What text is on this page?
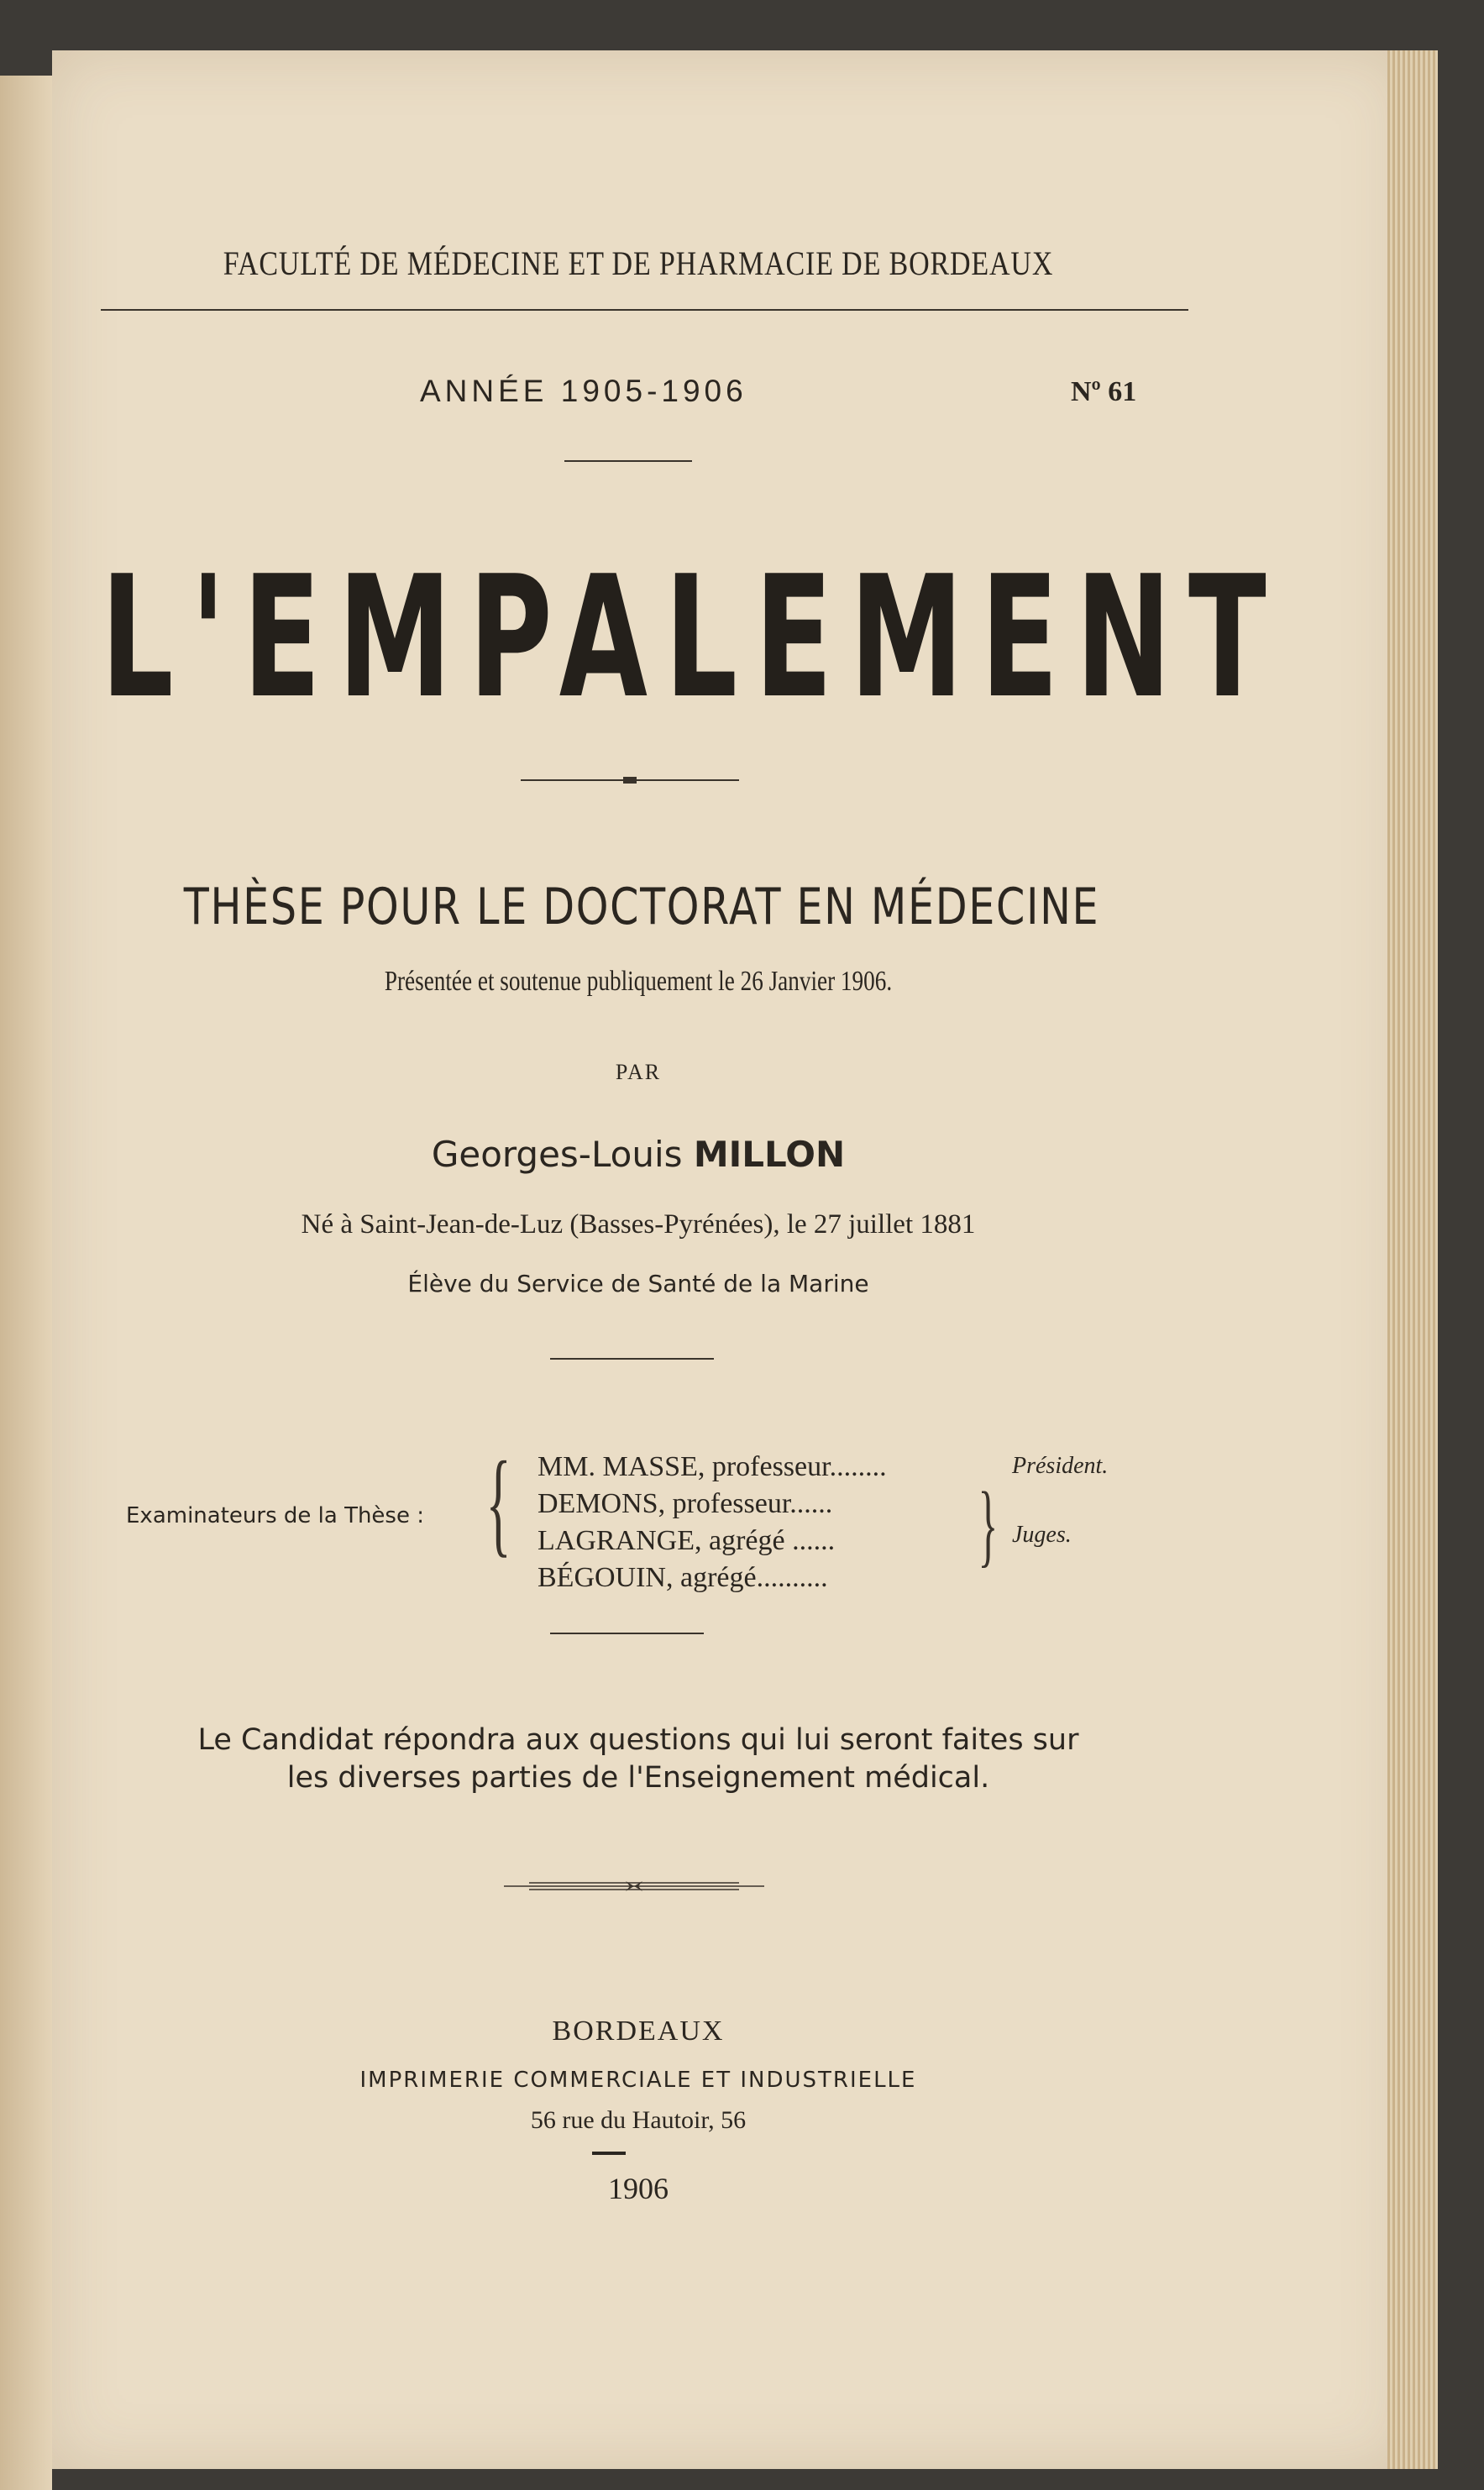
FACULTÉ DE MÉDECINE ET DE PHARMACIE DE BORDEAUX
ANNÉE 1905-1906	Nº 61
L'EMPALEMENT
THÈSE POUR LE DOCTORAT EN MÉDECINE
Présentée et soutenue publiquement le 26 Janvier 1906.
PAR
Georges-Louis MILLON
Né à Saint-Jean-de-Luz (Basses-Pyrénées), le 27 juillet 1881
Élève du Service de Santé de la Marine
Examinateurs de la Thèse : { MM. MASSE, professeur........
DEMONS, professeur......
LAGRANGE, agrégé ......
BÉGOUIN, agrégé..........
Président.
} Juges.
Le Candidat répondra aux questions qui lui seront faites sur
les diverses parties de l'Enseignement médical.
BORDEAUX
IMPRIMERIE COMMERCIALE ET INDUSTRIELLE
56 rue du Hautoir, 56
1906
